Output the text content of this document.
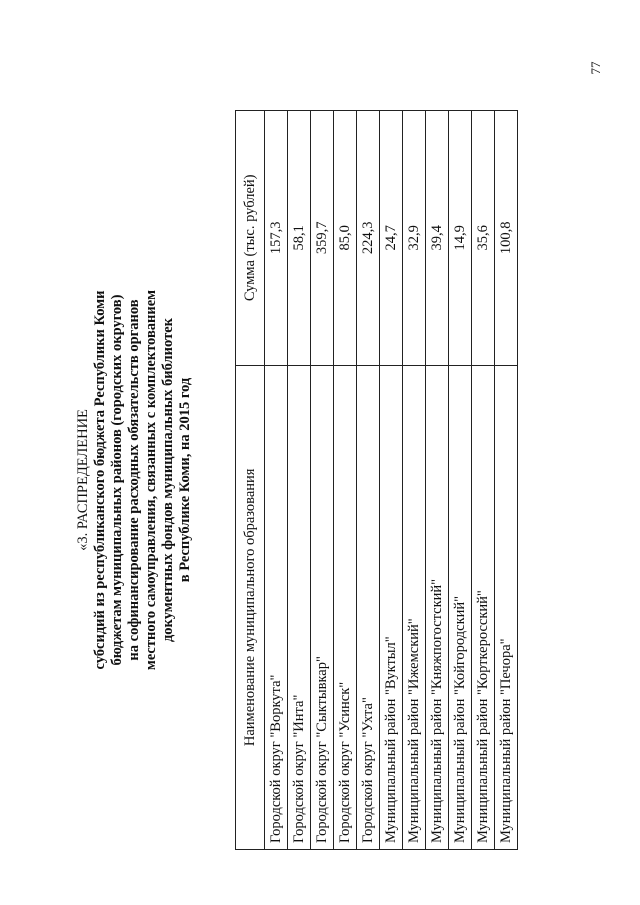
77
«3. РАСПРЕДЕЛЕНИЕ субсидий из республиканского бюджета Республики Коми бюджетам муниципальных районов (городских округов) на софинансирование расходных обязательств органов местного самоуправления, связанных с комплектованием документных фондов муниципальных библиотек в Республике Коми, на 2015 год	Наименование муниципального образования	Сумма (тыс. рублей)
Городской округ "Воркута"	157,3
Городской округ "Инта"	58,1
Городской округ "Сыктывкар"	359,7
Городской округ "Усинск"	85,0
Городской округ "Ухта"	224,3
Муниципальный район "Вуктыл"	24,7
Муниципальный район "Ижемский"	32,9
Муниципальный район "Княжпогостский"	39,4
Муниципальный район "Койгородский"	14,9
Муниципальный район "Корткеросский"	35,6
Муниципальный район "Печора"	100,8
